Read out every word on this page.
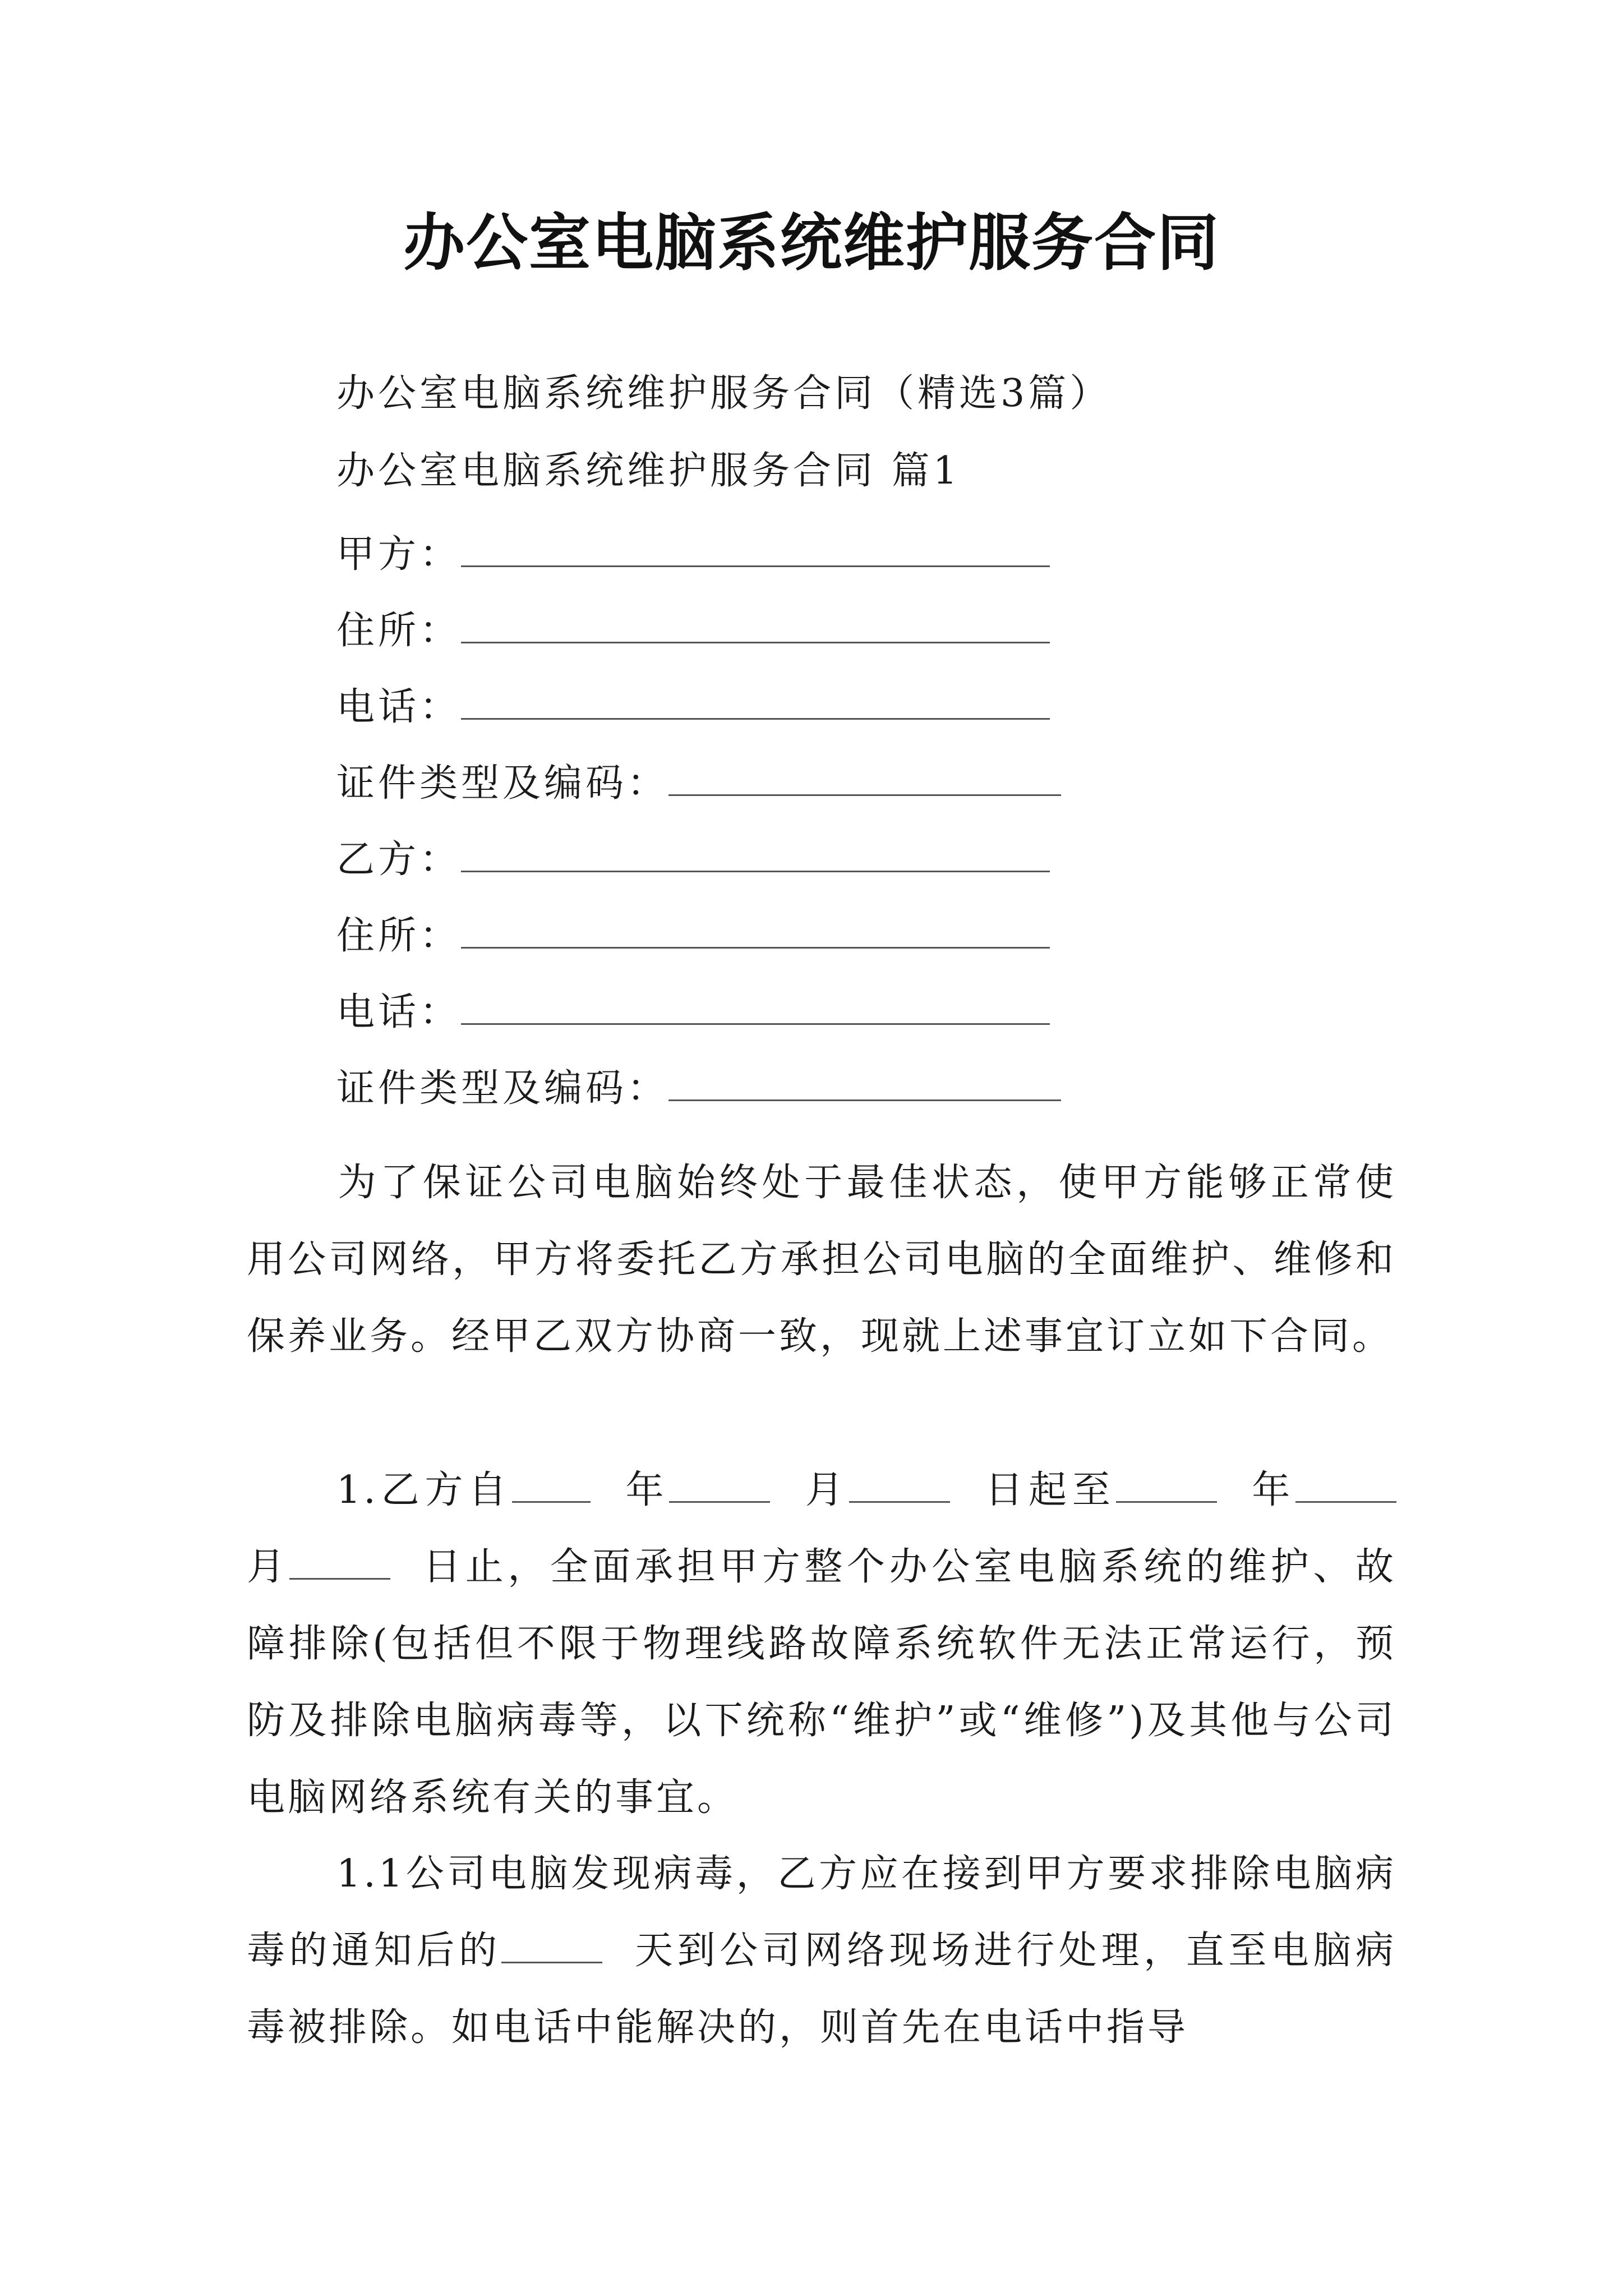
办公室电脑系统维护服务合同

办公室电脑系统维护服务合同（精选3篇）

办公室电脑系统维护服务合同 篇1

甲方：

住所：

电话：

证件类型及编码：

乙方：

住所：

电话：

证件类型及编码：

为了保证公司电脑始终处于最佳状态，使甲方能够正常使用公司网络，甲方将委托乙方承担公司电脑的全面维护、维修和保养业务。经甲乙双方协商一致，现就上述事宜订立如下合同。

1.乙方自	年	月	日起至	年 月	日止，全面承担甲方整个办公室电脑系统的维护、故障排除(包括但不限于物理线路故障系统软件无法正常运行，预防及排除电脑病毒等，以下统称“维护”或“维修”)及其他与公司电脑网络系统有关的事宜。

1.1公司电脑发现病毒，乙方应在接到甲方要求排除电脑病毒的通知后的	天到公司网络现场进行处理，直至电脑病毒被排除。如电话中能解决的，则首先在电话中指导
